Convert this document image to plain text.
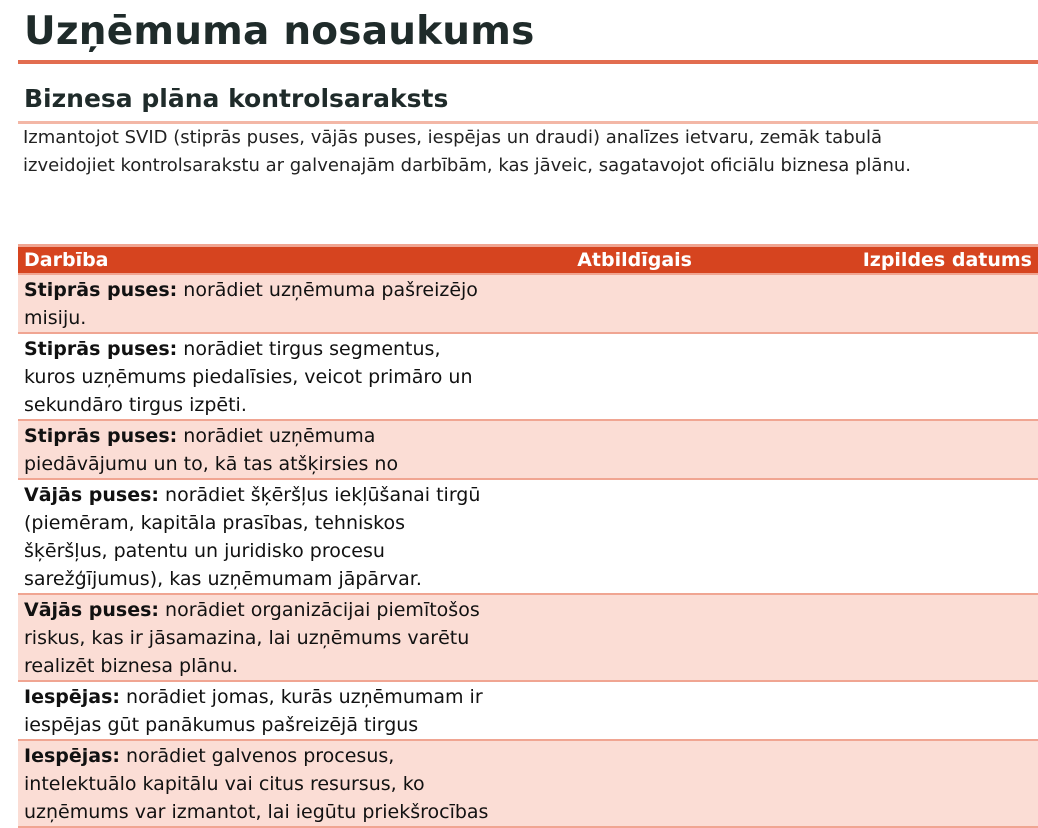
Uzņēmuma nosaukums
Biznesa plāna kontrolsaraksts
Izmantojot SVID (stiprās puses, vājās puses, iespējas un draudi) analīzes ietvaru, zemāk tabulā
izveidojiet kontrolsarakstu ar galvenajām darbībām, kas jāveic, sagatavojot oficiālu biznesa plānu.
Darbība	Atbildīgais	Izpildes datums

Stiprās puses: norādiet uzņēmuma pašreizējo
misiju.		

Stiprās puses: norādiet tirgus segmentus,
kuros uzņēmums piedalīsies, veicot primāro un
sekundāro tirgus izpēti.		

Stiprās puses: norādiet uzņēmuma
piedāvājumu un to, kā tas atšķirsies no		

Vājās puses: norādiet šķēršļus iekļūšanai tirgū
(piemēram, kapitāla prasības, tehniskos
šķēršļus, patentu un juridisko procesu
sarežģījumus), kas uzņēmumam jāpārvar.		

Vājās puses: norādiet organizācijai piemītošos
riskus, kas ir jāsamazina, lai uzņēmums varētu
realizēt biznesa plānu.		

Iespējas: norādiet jomas, kurās uzņēmumam ir
iespējas gūt panākumus pašreizējā tirgus		

Iespējas: norādiet galvenos procesus,
intelektuālo kapitālu vai citus resursus, ko
uzņēmums var izmantot, lai iegūtu priekšrocības		
